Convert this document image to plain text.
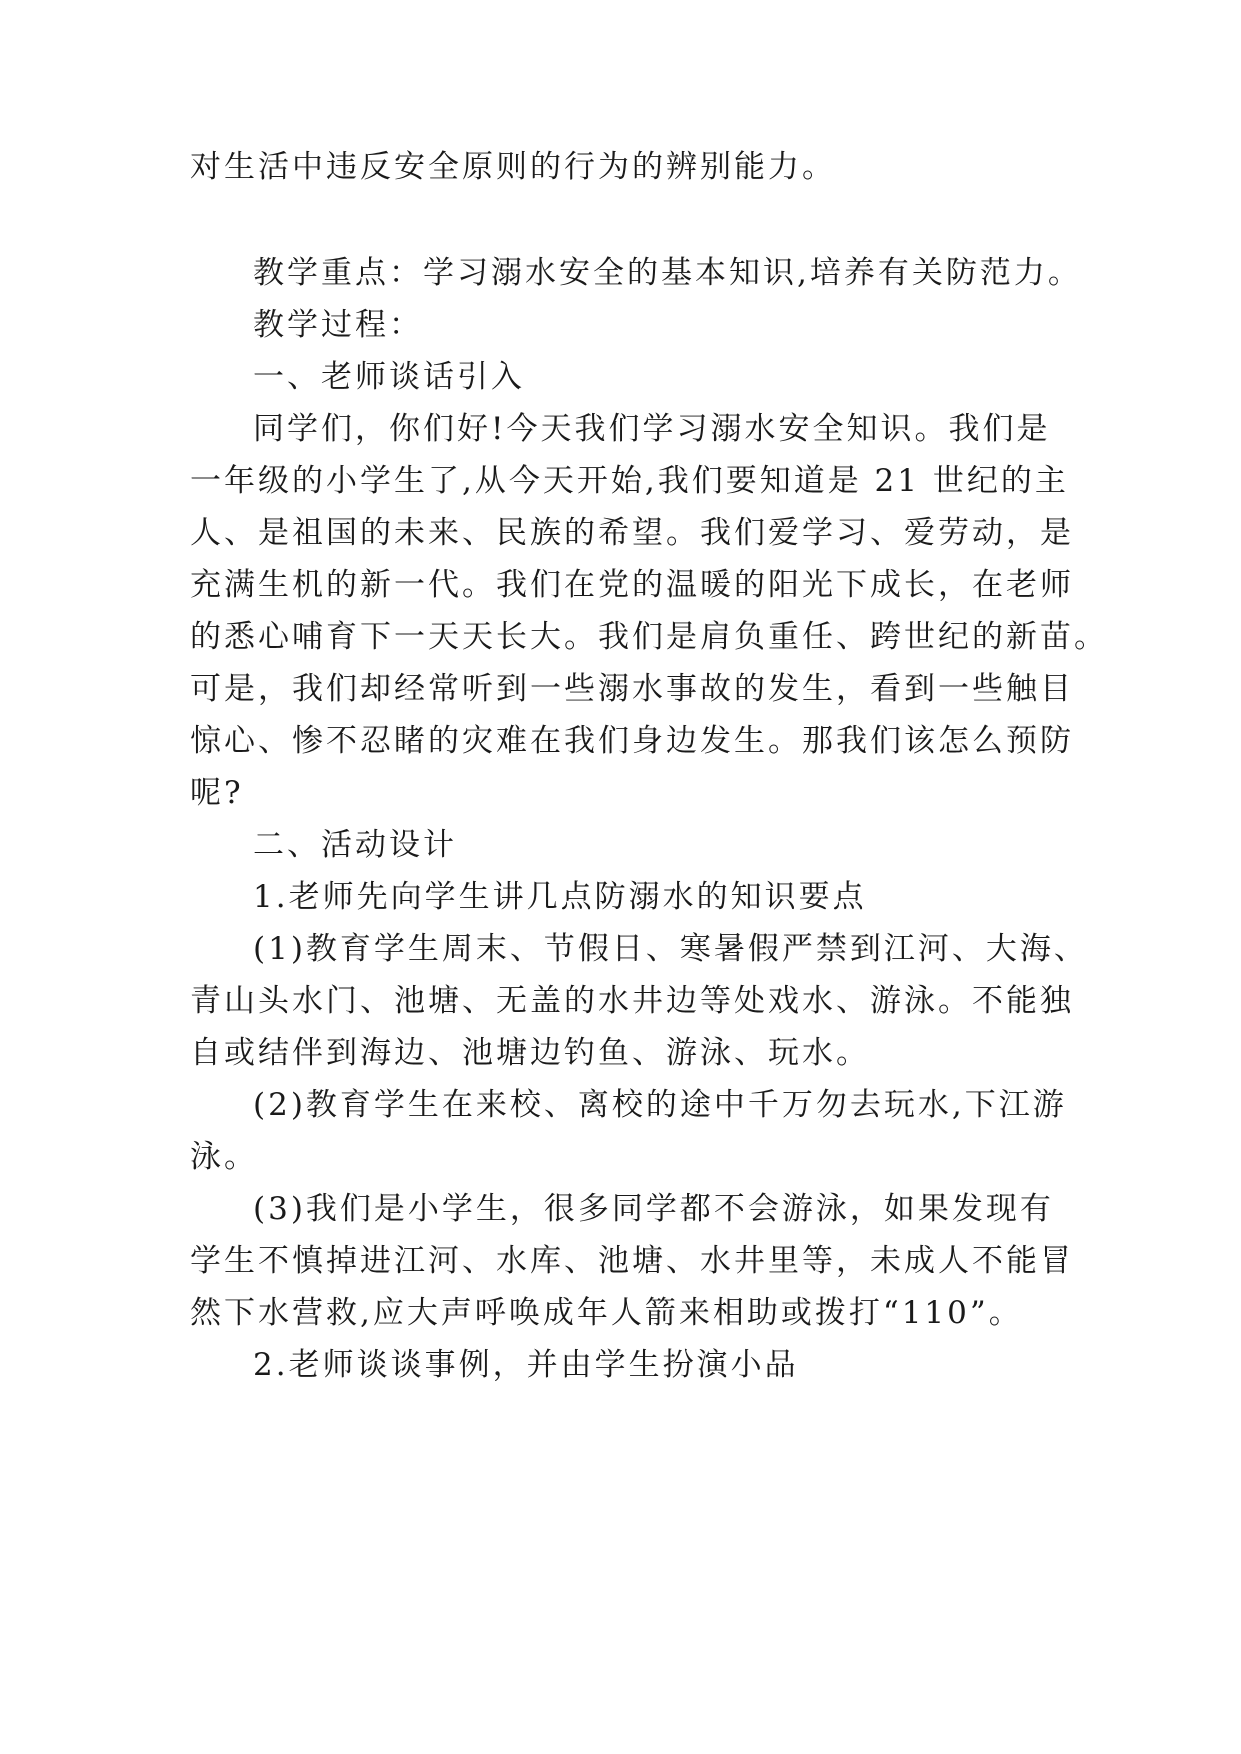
对生活中违反安全原则的行为的辨别能力。

教学重点：学习溺水安全的基本知识,培养有关防范力。

教学过程：

一、老师谈话引入

同学们，你们好!今天我们学习溺水安全知识。我们是

一年级的小学生了,从今天开始,我们要知道是 21 世纪的主

人、是祖国的未来、民族的希望。我们爱学习、爱劳动，是

充满生机的新一代。我们在党的温暖的阳光下成长，在老师

的悉心哺育下一天天长大。我们是肩负重任、跨世纪的新苗。

可是，我们却经常听到一些溺水事故的发生，看到一些触目

惊心、惨不忍睹的灾难在我们身边发生。那我们该怎么预防

呢?

二、活动设计

1.老师先向学生讲几点防溺水的知识要点

(1)教育学生周末、节假日、寒暑假严禁到江河、大海、

青山头水门、池塘、无盖的水井边等处戏水、游泳。不能独

自或结伴到海边、池塘边钓鱼、游泳、玩水。

(2)教育学生在来校、离校的途中千万勿去玩水,下江游

泳。

(3)我们是小学生，很多同学都不会游泳，如果发现有

学生不慎掉进江河、水库、池塘、水井里等，未成人不能冒

然下水营救,应大声呼唤成年人箭来相助或拨打“110”。

2.老师谈谈事例，并由学生扮演小品
